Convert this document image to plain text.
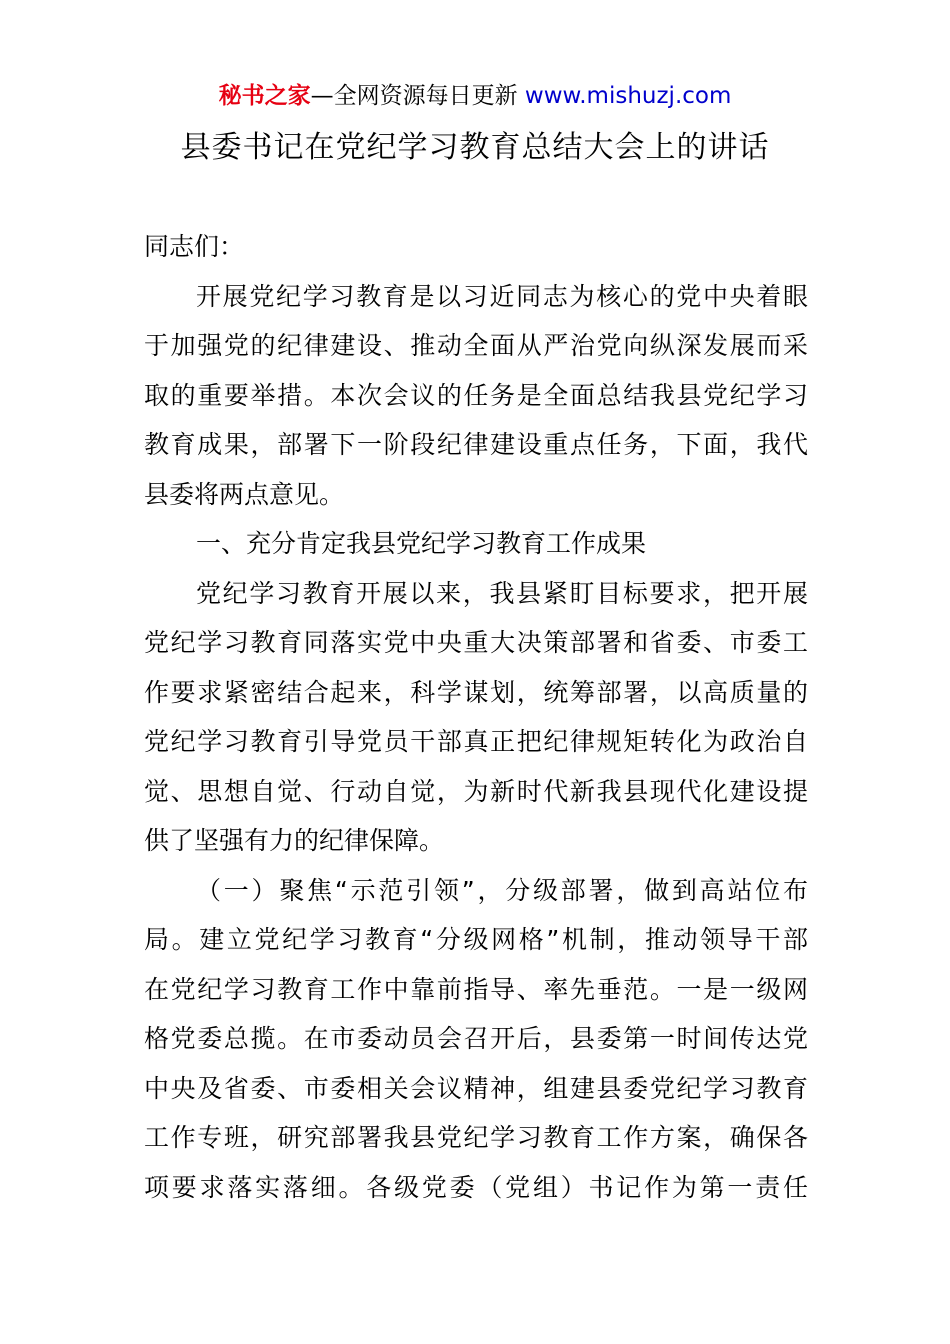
秘书之家—全网资源每日更新 www.mishuzj.com
县委书记在党纪学习教育总结大会上的讲话
同志们：
开展党纪学习教育是以习近同志为核心的党中央着眼
于加强党的纪律建设、推动全面从严治党向纵深发展而采
取的重要举措。本次会议的任务是全面总结我县党纪学习
教育成果，部署下一阶段纪律建设重点任务，下面，我代
县委将两点意见。
一、充分肯定我县党纪学习教育工作成果
党纪学习教育开展以来，我县紧盯目标要求，把开展
党纪学习教育同落实党中央重大决策部署和省委、市委工
作要求紧密结合起来，科学谋划，统筹部署，以高质量的
党纪学习教育引导党员干部真正把纪律规矩转化为政治自
觉、思想自觉、行动自觉，为新时代新我县现代化建设提
供了坚强有力的纪律保障。
（一）聚焦“示范引领”，分级部署，做到高站位布
局。建立党纪学习教育“分级网格”机制，推动领导干部
在党纪学习教育工作中靠前指导、率先垂范。一是一级网
格党委总揽。在市委动员会召开后，县委第一时间传达党
中央及省委、市委相关会议精神，组建县委党纪学习教育
工作专班，研究部署我县党纪学习教育工作方案，确保各
项要求落实落细。各级党委（党组）书记作为第一责任
